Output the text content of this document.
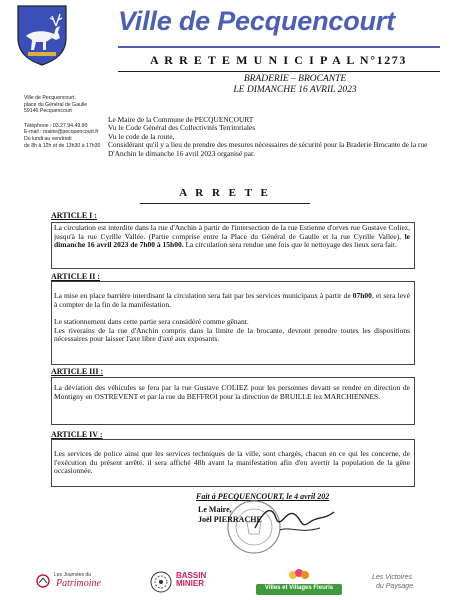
Ville de Pecquencourt
A R R E T E M U N I C I P A L N°1273
BRADERIE – BROCANTE
LE DIMANCHE 16 AVRIL 2023
Ville de Pecquencourt,
place du Général de Gaulle
59146 Pecquencourt
Téléphone : 03.27.94.49.90
E-mail : mairie@pecquencourt.fr
Du lundi au vendredi
de 8h à 12h et de 13h30 à 17h30

Le Maire de la Commune de PECQUENCOURT

Vu le Code Général des Collectivités Territoriales

Vu le code de la route,

Considérant qu'il y a lieu de prendre des mesures nécessaires de sécurité pour la Braderie Brocante de la rue D'Anchin le dimanche 16 avril 2023 organisé par.

A R R E T E
ARTICLE I :

La circulation est interdite dans la rue d'Anchin à partir de l'intersection de la rue Estienne d'orves rue Gustave Coliez, jusqu'à la rue Cyrille Vallée. (Partie comprise entre la Place du Général de Gaulle et la rue Cyrille Vallee), le dimanche 16 avril 2023 de 7h00 à 15h00. La circulation sera rendue une fois que le nettoyage des lieux sera fait.

ARTICLE II :

La mise en place barrière interdisant la circulation sera fait par les services municipaux à partir de 07h00, et sera levé à compter de la fin de la manifestation.

Le stationnement dans cette partie sera considéré comme gênant.

Les riverains de la rue d'Anchin compris dans la limite de la brocante, devront prendre toutes les dispositions nécessaires pour laisser l'axe libre d'axé aux exposants.

ARTICLE III :

La déviation des véhicules se fera par la rue Gustave COLIEZ pour les personnes devant se rendre en direction de Montigny en OSTREVENT et par la rue du BEFFROI pour la direction de BRUILLE lez MARCHIENNES.

ARTICLE IV :

Les services de police ainsi que les services techniques de la ville, sont chargés, chacun en ce qui les concerne, de l'exécution du présent arrêté. il sera affiché 48h avant la manifestation afin d'en avertir la population de la gêne occasionnée.

Fait à PECQUENCOURT, le 4 avril 202
Le Maire,
Joël PIERRACHE
Les Journées du
Patrimoine
BASSIN
MINIER	Villes et Villages Fleuris
Les Victoires
du Paysage
